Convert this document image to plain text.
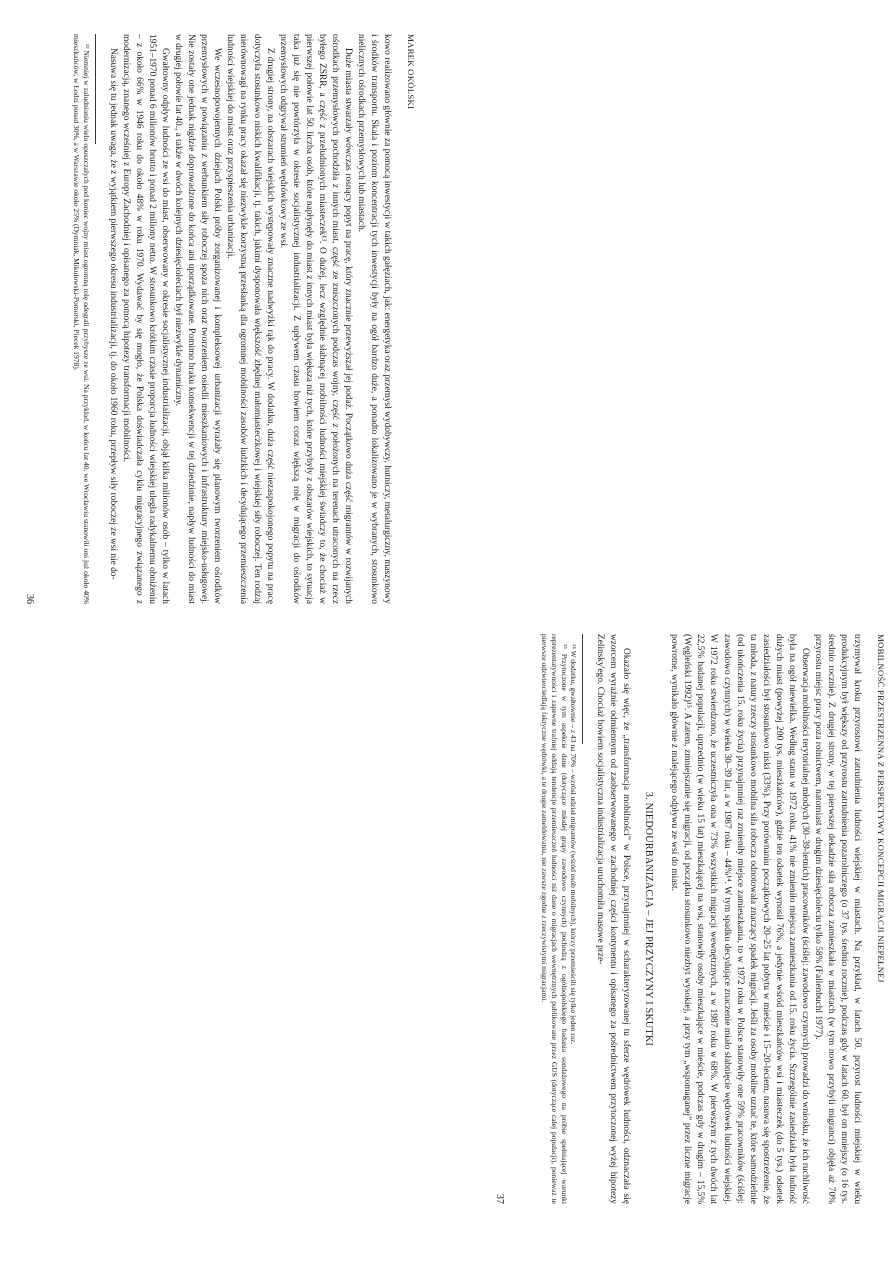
MOBILNOŚĆ PRZESTRZENNA Z PERSPEKTYWY KONCEPCJI MIGRACJI NIEPEŁNEJ

trzymywał kroku przyrostowi zatrudnienia ludności wiejskiej w miastach. Na przykład, w latach 50. przyrost ludności miejskiej w wieku produkcyjnym był większy od przyrostu zatrudnienia pozarolniczego (o 37 tys. średnio rocznie), podczas gdy w latach 60. był on mniejszy (o 16 tys. średnio rocznie). Z drugiej strony, w tej pierwszej dekadzie siła robocza zamieszkała w miastach (w tym nowo przybyli migranci) objęła aż 70% przyrostu miejsc pracy poza rolnictwem, natomiast w drugim dziesięcioleciu tylko 58% (Fallenbuchl 1977).

Obserwacja mobilności terytorialnej młodych (30–39-letnich) pracowników (ściślej: zawodowo czynnych) prowadzi do wniosku, że ich ruchliwość była na ogół niewielka. Według stanu w 1972 roku, 41% nie zmieniło miejsca zamieszkania od 15. roku życia. Szczególnie zasiedziała była ludność dużych miast (powyżej 200 tys. mieszkańców), gdzie ten odsetek wynosił 76%, a jedynie wśród mieszkańców wsi i miasteczek (do 5 tys.) odsetek zasiedziałości był stosunkowo niski (33%). Przy porównaniu początkowych 20–25 lat pobytu w mieście i 15–20-leciem, nasuwa się spostrzeżenie, że ta młoda, z natury rzeczy stosunkowo mobilna siła robocza odnotowała znaczący spadek migracji. Jeśli za osoby mobilne uznać te, które samodzielnie (od ukończenia 15. roku życia) przynajmniej raz zmieniły miejsce zamieszkania, to w 1972 roku w Polsce stanowiły one 59% pracowników (ściślej: zawodowo czynnych) w wieku 30–39 lat, a w 1987 roku – 44%¹⁴. W tym spadku decydujące znaczenie miało słabnięcie wędrówek ludności wiejskiej. W 1972 roku stwierdzono, że uczestniczyła ona w 73% wszystkich migracji wewnętrznych, a w 1987 roku w 68%. W pierwszym z tych dwóch lat 22,5% badanej populacji, uprzednio (w wieku 15 lat) mieszkającej na wsi, stanowiły osoby mieszkające w mieście, podczas gdy w drugim – 15,5% (Węgleński 1992)¹⁵. A zatem, zmniejszanie się migracji, od początku stosunkowo niezbyt wysokiej, a przy tym „wspomaganej” przez liczne migracje powrotne, wynikało głównie z malejącego odpływu ze wsi do miast.

3. NIEDOURBANIZACJA – JEJ PRZYCZYNY I SKUTKI

Okazało się więc, że „transformacja mobilności” w Polsce, przynajmniej w scharakteryzowanej tu sferze wędrówek ludności, odznaczała się wzorcem wyraźnie odmiennym od zaobserwowanego w zachodniej części kontynentu i opisanego za pośrednictwem przytoczonej wyżej hipotezy Zelinsky'ego. Chociaż bowiem socjalistyczna industrializacja uruchomiła masowe prze-

¹⁴ W dodatku, gwałtownie – z 43 na 70% – wzrósł udział migrantów (wśród osób mobilnych), którzy przemieścili się tylko jeden raz.

¹⁵ Przytoczone w tym aspekcie dane (dotyczące młodej grupy zawodowo czynnych) pochodzą z ogólnopolskiego badania sondażowego na próbie spełniającej warunki reprezentatywności i zapewne trafniej oddają tendencje przemieszczeń ludności niż dane o migracjach wewnętrznych publikowane przez GUS (dotyczące całej populacji), ponieważ te pierwsze odzwierciedlają faktyczne wędrówki, a te drugie zameldowania, nie zawsze zgodne z rzeczywistymi migracjami.

37
MAREK OKÓLSKI

kowo realizowano głównie za pomocą inwestycji w takich gałęziach, jak: energetyka oraz przemysł wydobywczy, hutniczy, metalurgiczny, maszynowy i środków transportu. Skala i poziom koncentracji tych inwestycji były na ogół bardzo duże, a ponadto lokalizowano je w wybranych, stosunkowo nielicznych ośrodkach przemysłowych lub miastach.

Duże miasta stwarzały wówczas rosnący popyt na pracę, który znacznie przewyższał jej podaż. Początkowo duża część migrantów w rozwijanych ośrodkach przemysłowych pochodziła z innych miast, część ze zniszczonych podczas wojny, część z położonych na terenach utraconych na rzecz byłego ZSRR, a część z przeludnionych miasteczek¹³. O dużej, lecz względnie słabnącej mobilności ludności miejskiej świadczy to, że chociaż w pierwszej połowie lat 50. liczba osób, które napłynęły do miast z innych miast była większa niż tych, które przybyły z obszarów wiejskich, to sytuacja taka już się nie powtórzyła w okresie socjalistycznej industrializacji. Z upływem czasu bowiem coraz większą rolę w migracji do ośrodków przemysłowych odgrywał strumień wędrówkowy ze wsi.

Z drugiej strony, na obszarach wiejskich występowały znaczne nadwyżki rąk do pracy. W dodatku, duża część niezaspokojonego popytu na pracę dotyczyła stosunkowo niskich kwalifikacji, tj. takich, jakimi dysponowała większość zbędnej małomiasteczkowej i wiejskiej siły roboczej. Ten rodzaj nierównowagi na rynku pracy okazał się niezwykle korzystną przesłanką dla ogromnej mobilności zasobów ludzkich i decydującego przemieszczenia ludności wiejskiej do miast oraz przyspieszenia urbanizacji.

We wczesnopowojennych dziejach Polski próby zorganizowanej i kompleksowej urbanizacji wyrażały się planowym tworzeniem ośrodków przemysłowych w powiązaniu z werbunkiem siły roboczej spoza nich oraz tworzeniem osiedli mieszkaniowych i infrastruktury miejsko-usługowej. Nie zostały one jednak nigdzie doprowadzone do końca ani uporządkowane. Pomimo braku konsekwencji w tej dziedzinie, napływ ludności do miast w drugiej połowie lat 40., a także w dwóch kolejnych dziesięcioleciach był niezwykle dynamiczny.

Gwałtowny odpływ ludności ze wsi do miast, obserwowany w okresie socjalistycznej industrializacji, objął kilka milionów osób – tylko w latach 1951–1970 ponad 6 milionów brutto i ponad 2 miliony netto. W stosunkowo krótkim czasie proporcja ludności wiejskiej uległa radykalnemu obniżeniu – z około 66% w 1946 roku do około 48% w roku 1970. Wydawać by się mogło, że Polska doświadczała cyklu migracyjnego związanego z modernizacją, znanego wcześniej z Europy Zachodniej i opisanego za pomocą hipotezy transformacji mobilności.

Nasuwa się tu jednak uwaga, że z wyjątkiem pierwszego okresu industrializacji, tj. do około 1960 roku, przepływ siły roboczej ze wsi nie do-

¹³ Niemniej w zaludnianiu wielu opuszczałych pod koniec wojny miast ogromną rolę odegrali przybysze ze wsi. Na przykład, w końcu lat 40. we Wrocławiu stanowili oni już około 40% mieszkańców, w Łodzi ponad 30%, a w Warszawie około 25% (Dymniak, Mikułowski-Pomorski, Piecek 1978).

36
